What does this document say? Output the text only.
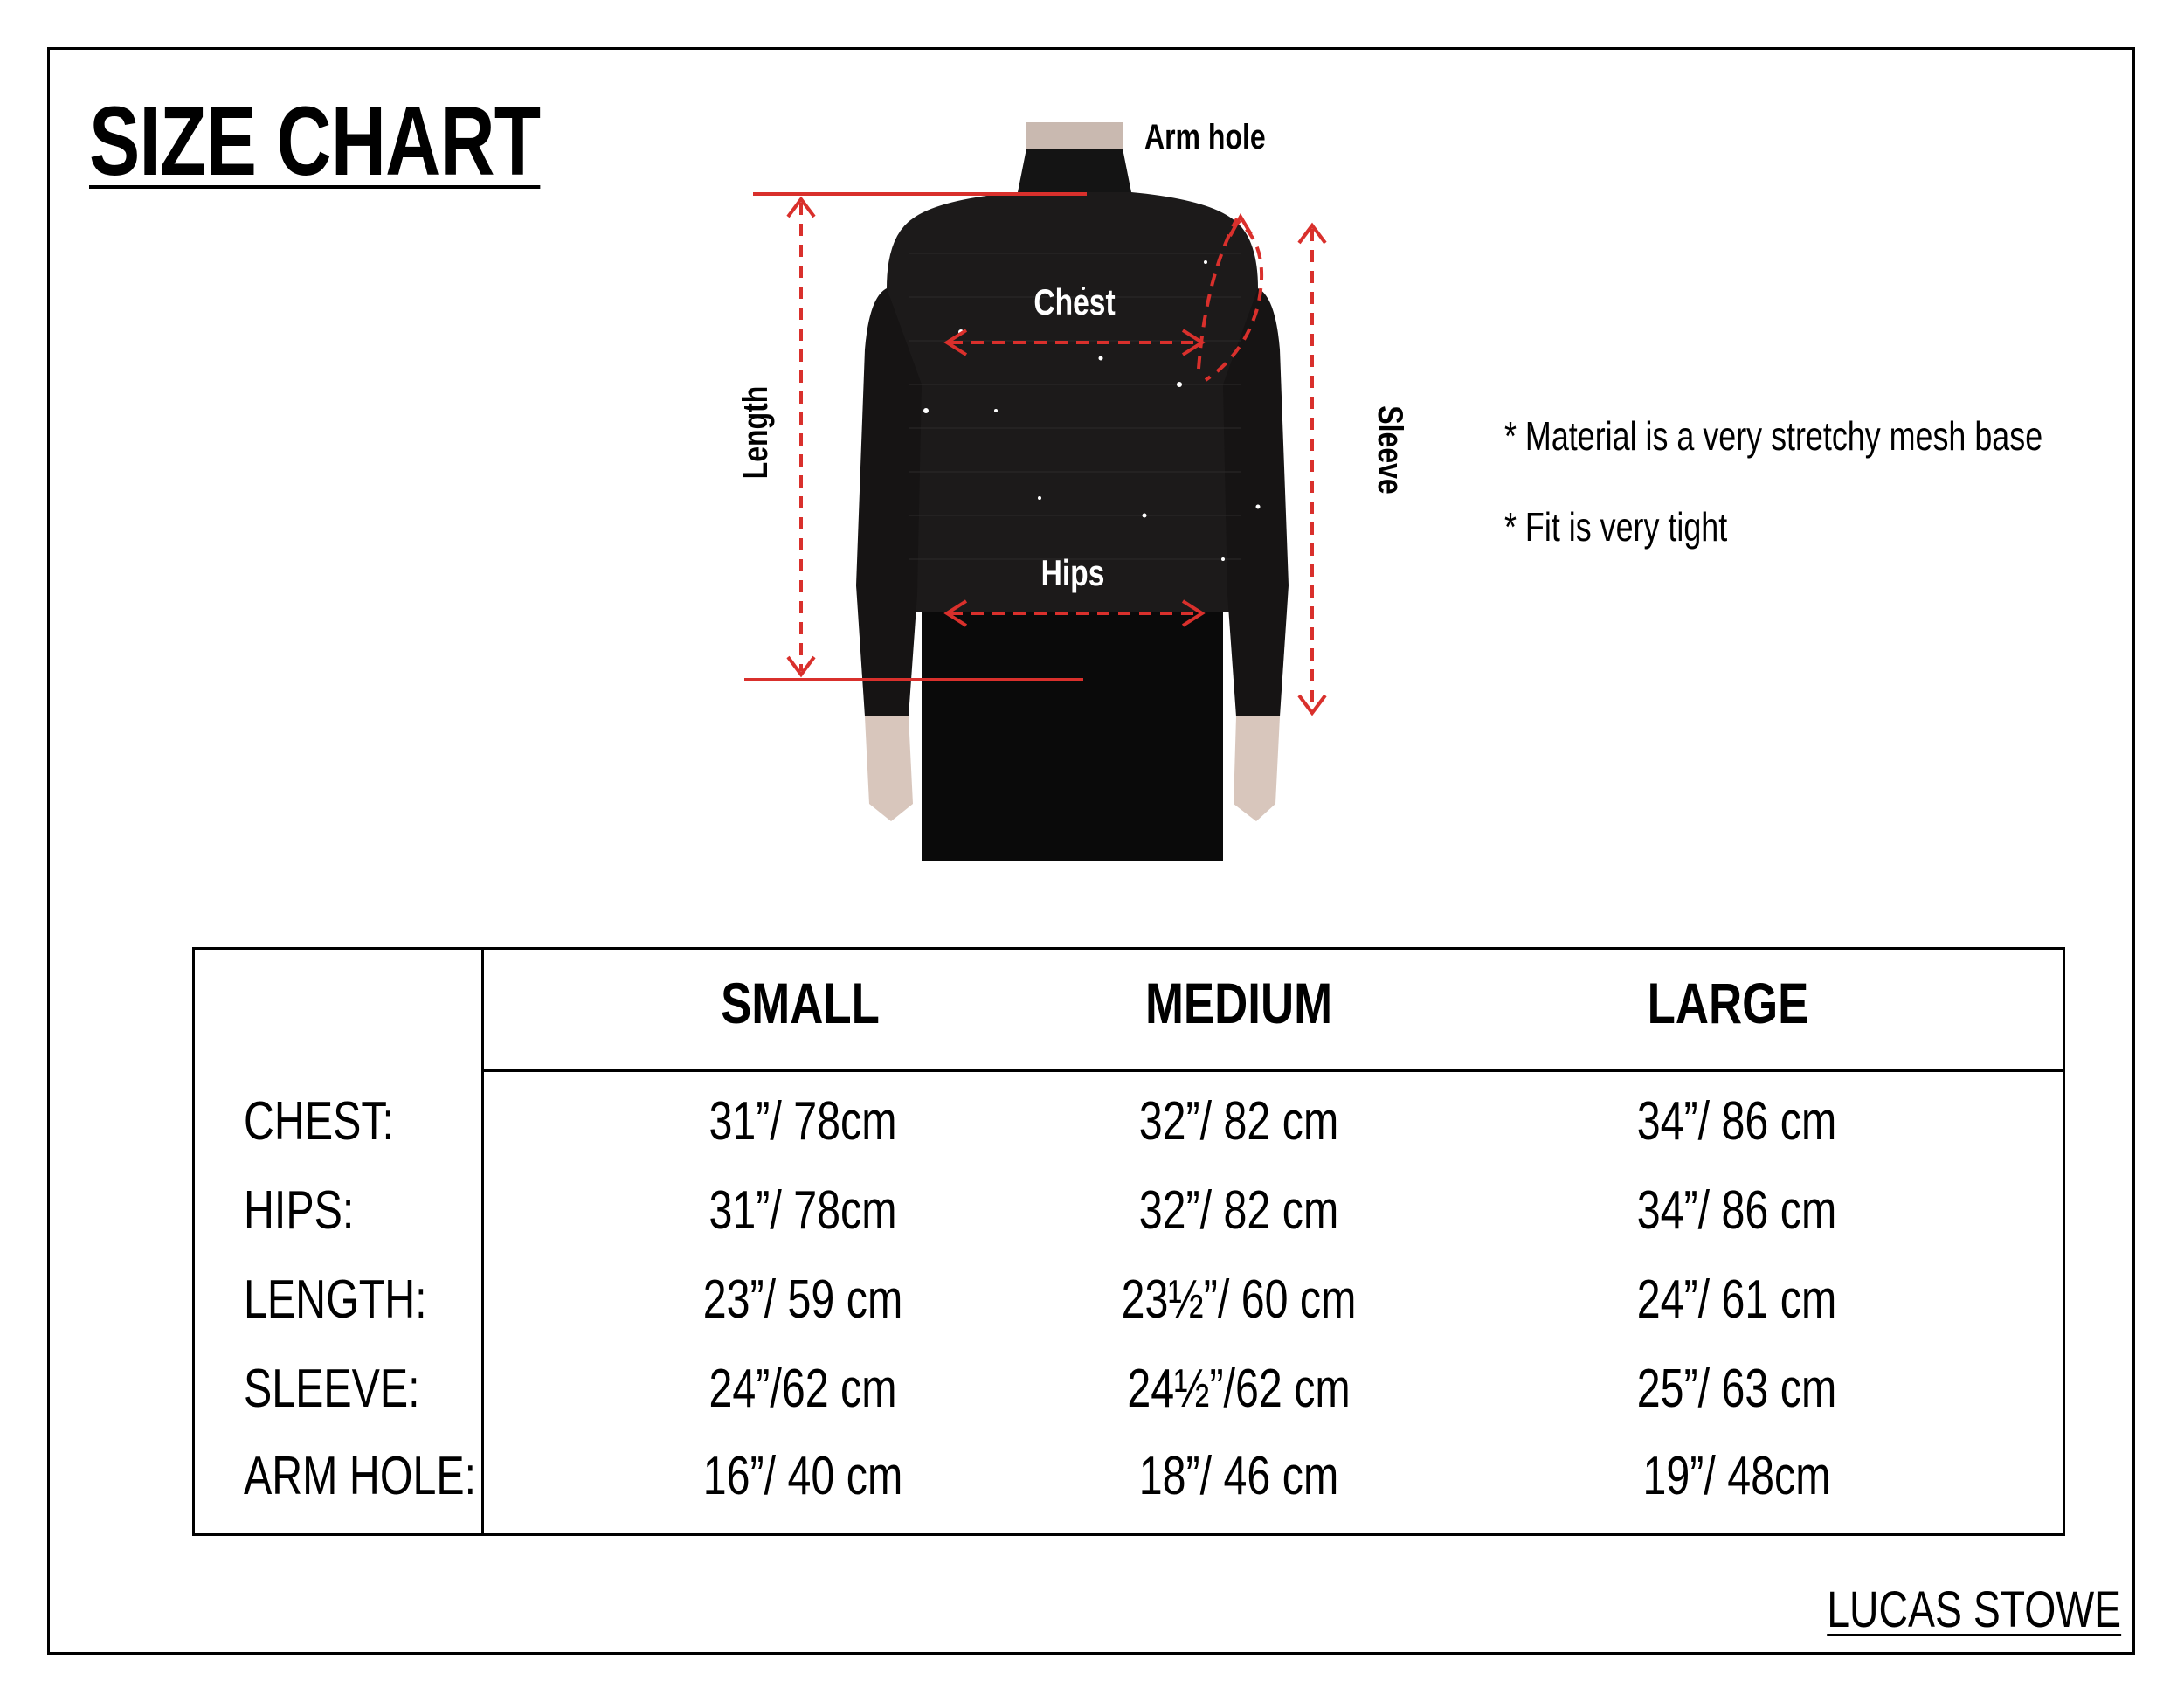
SIZE CHART	Arm hole
Chest
Hips
Length	Sleeve * Material is a very stretchy mesh base
* Fit is very tight
SMALL	MEDIUM	LARGE
CHEST:	31”/ 78cm	32”/ 82 cm	34”/ 86 cm
HIPS:	31”/ 78cm	32”/ 82 cm	34”/ 86 cm
LENGTH:	23”/ 59 cm	23½”/ 60 cm	24”/ 61 cm
SLEEVE:	24”/62 cm	24½”/62 cm	25”/ 63 cm
ARM HOLE:	16”/ 40 cm	18”/ 46 cm	19”/ 48cm
LUCAS STOWE
